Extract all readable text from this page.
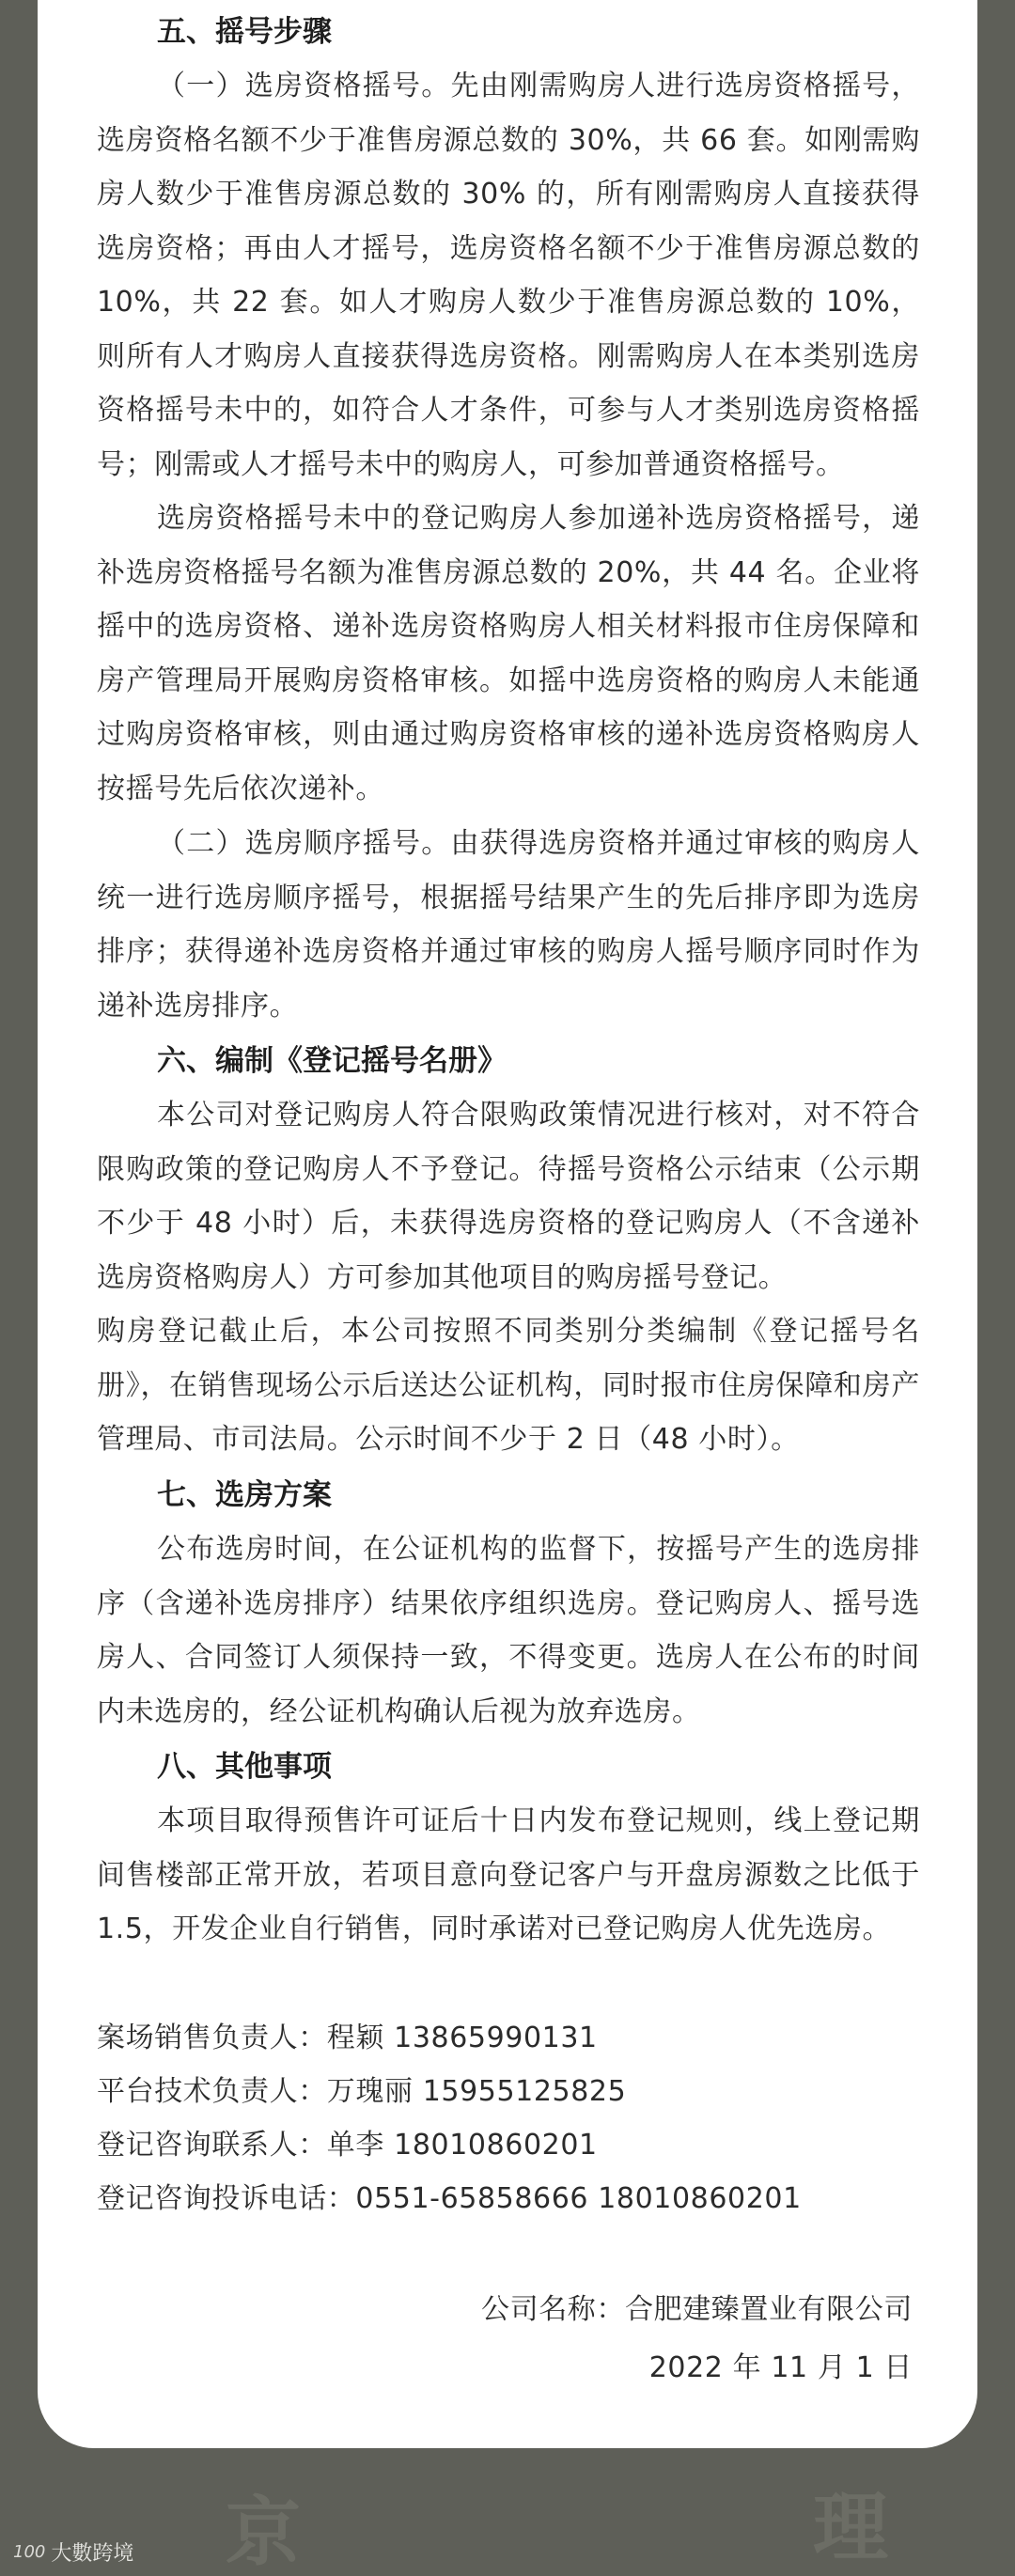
京	理
五、摇号步骤

（一）选房资格摇号。先由刚需购房人进行选房资格摇号，选房资格名额不少于准售房源总数的 30%，共 66 套。如刚需购房人数少于准售房源总数的 30% 的，所有刚需购房人直接获得选房资格；再由人才摇号，选房资格名额不少于准售房源总数的 10%，共 22 套。如人才购房人数少于准售房源总数的 10%，则所有人才购房人直接获得选房资格。刚需购房人在本类别选房资格摇号未中的，如符合人才条件，可参与人才类别选房资格摇号；刚需或人才摇号未中的购房人，可参加普通资格摇号。

选房资格摇号未中的登记购房人参加递补选房资格摇号，递补选房资格摇号名额为准售房源总数的 20%，共 44 名。企业将摇中的选房资格、递补选房资格购房人相关材料报市住房保障和房产管理局开展购房资格审核。如摇中选房资格的购房人未能通过购房资格审核，则由通过购房资格审核的递补选房资格购房人按摇号先后依次递补。

（二）选房顺序摇号。由获得选房资格并通过审核的购房人统一进行选房顺序摇号，根据摇号结果产生的先后排序即为选房排序；获得递补选房资格并通过审核的购房人摇号顺序同时作为递补选房排序。

六、编制《登记摇号名册》

本公司对登记购房人符合限购政策情况进行核对，对不符合限购政策的登记购房人不予登记。待摇号资格公示结束（公示期不少于 48 小时）后，未获得选房资格的登记购房人（不含递补选房资格购房人）方可参加其他项目的购房摇号登记。

购房登记截止后，本公司按照不同类别分类编制《登记摇号名册》，在销售现场公示后送达公证机构，同时报市住房保障和房产管理局、市司法局。公示时间不少于 2 日（48 小时）。

七、选房方案

公布选房时间，在公证机构的监督下，按摇号产生的选房排序（含递补选房排序）结果依序组织选房。登记购房人、摇号选房人、合同签订人须保持一致，不得变更。选房人在公布的时间内未选房的，经公证机构确认后视为放弃选房。

八、其他事项

本项目取得预售许可证后十日内发布登记规则，线上登记期间售楼部正常开放，若项目意向登记客户与开盘房源数之比低于 1.5，开发企业自行销售，同时承诺对已登记购房人优先选房。

案场销售负责人：程颖 13865990131

平台技术负责人：万瑰丽 15955125825

登记咨询联系人：单李 18010860201

登记咨询投诉电话：0551-65858666 18010860201

公司名称：合肥建臻置业有限公司

2022 年 11 月 1 日

100 大數跨境
